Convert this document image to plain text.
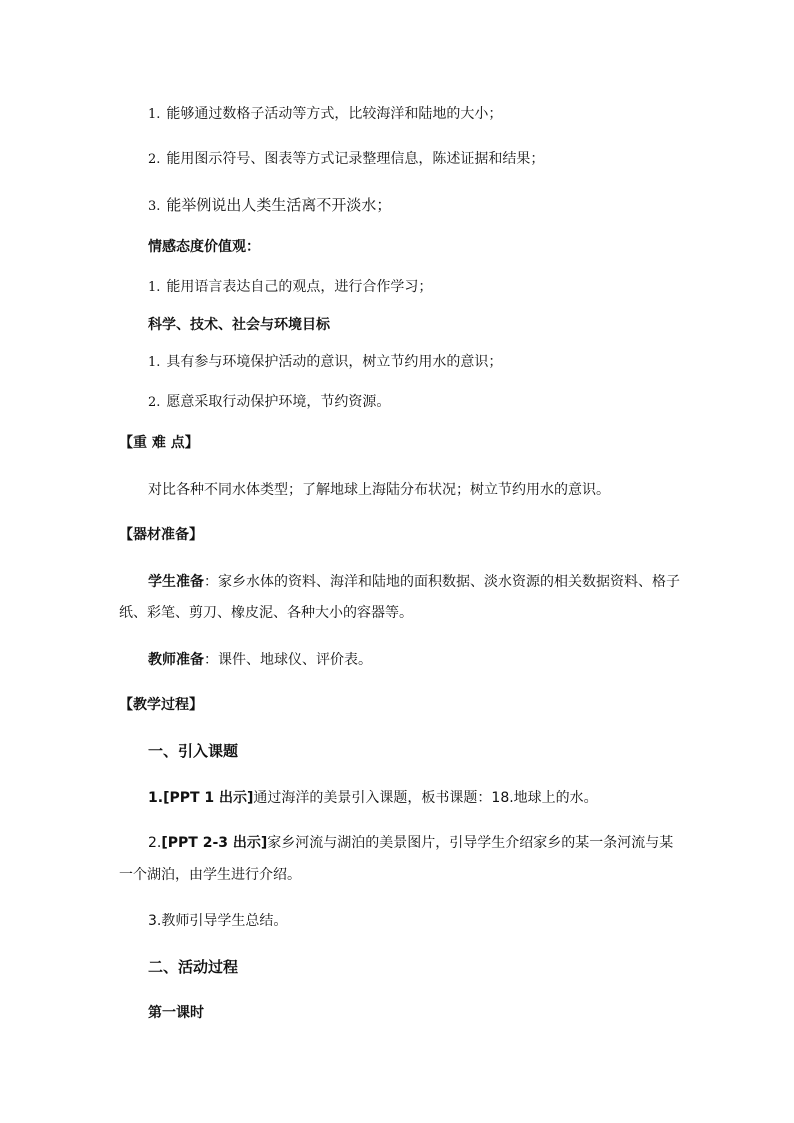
1. 能够通过数格子活动等方式，比较海洋和陆地的大小；
2. 能用图示符号、图表等方式记录整理信息，陈述证据和结果；
3. 能举例说出人类生活离不开淡水；
情感态度价值观：
1. 能用语言表达自己的观点，进行合作学习；
科学、技术、社会与环境目标
1. 具有参与环境保护活动的意识，树立节约用水的意识；
2. 愿意采取行动保护环境，节约资源。
【重 难 点】
对比各种不同水体类型；了解地球上海陆分布状况；树立节约用水的意识。
【器材准备】
学生准备：家乡水体的资料、海洋和陆地的面积数据、淡水资源的相关数据资料、格子
纸、彩笔、剪刀、橡皮泥、各种大小的容器等。
教师准备：课件、地球仪、评价表。
【教学过程】
一、引入课题
1.[PPT 1 出示]通过海洋的美景引入课题，板书课题：18.地球上的水。
2.[PPT 2-3 出示]家乡河流与湖泊的美景图片，引导学生介绍家乡的某一条河流与某
一个湖泊，由学生进行介绍。
3.教师引导学生总结。
二、活动过程
第一课时
